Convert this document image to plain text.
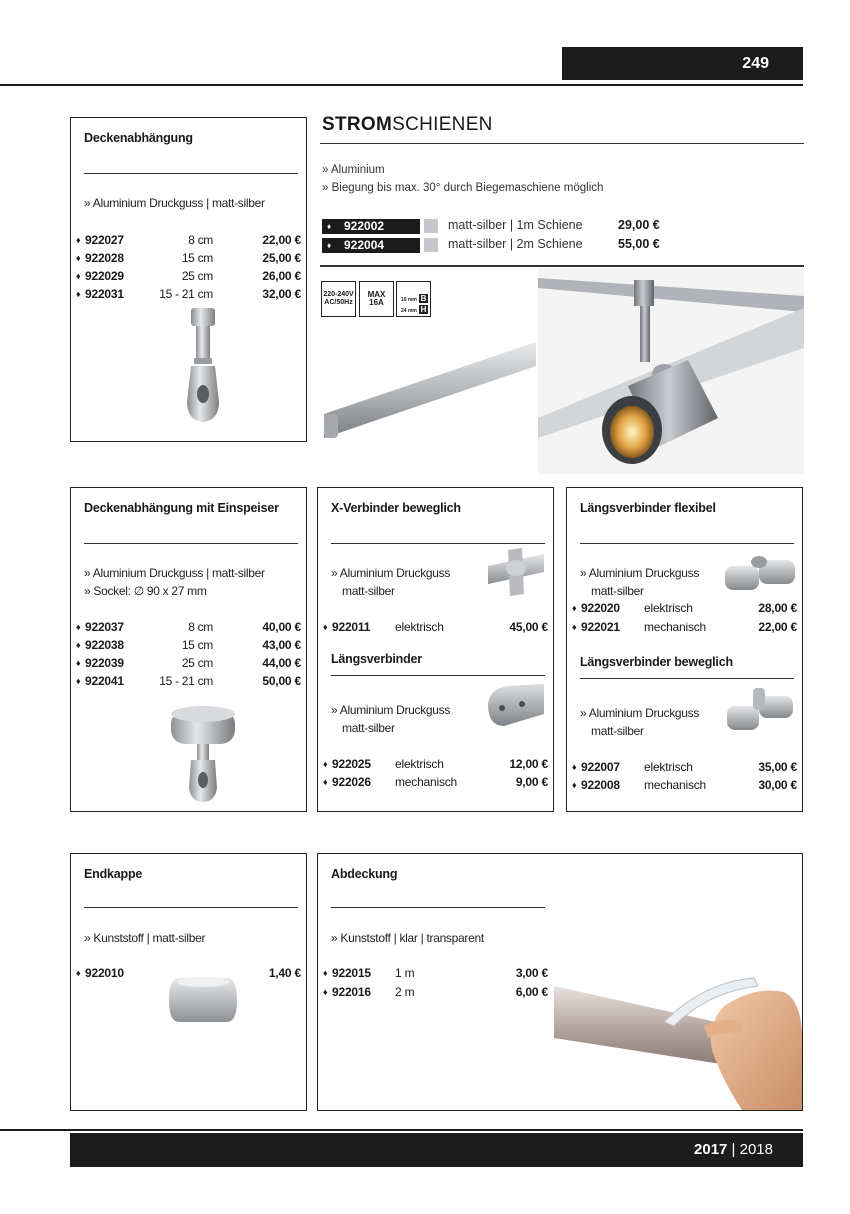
249
Deckenabhängung
» Aluminium Druckguss | matt-silber
♦ 922027	8 cm	22,00 €
♦ 922028	15 cm	25,00 €
♦ 922029	25 cm	26,00 €
♦ 922031	15 - 21 cm	32,00 €
STROMSCHIENEN
» Aluminium
» Biegung bis max. 30° durch Biegemaschiene möglich
♦ 922002	matt-silber | 1m Schiene	29,00 €
♦ 922004	matt-silber | 2m Schiene	55,00 €
220-240V AC/50Hz
MAX
16A	10 mm B
24 mm H
Deckenabhängung mit Einspeiser
» Aluminium Druckguss | matt-silber
» Sockel: ∅ 90 x 27 mm
♦ 922037	8 cm	40,00 €
♦ 922038	15 cm	43,00 €
♦ 922039	25 cm	44,00 €
♦ 922041	15 - 21 cm	50,00 €
X-Verbinder beweglich
» Aluminium Druckguss
matt-silber
♦ 922011 elektrisch	45,00 €
Längsverbinder
» Aluminium Druckguss
matt-silber
♦ 922025 elektrisch	12,00 €
♦ 922026 mechanisch	9,00 €
Längsverbinder flexibel
» Aluminium Druckguss
matt-silber
♦ 922020 elektrisch	28,00 €
♦ 922021 mechanisch	22,00 €
Längsverbinder beweglich
» Aluminium Druckguss
matt-silber
♦ 922007 elektrisch	35,00 €
♦ 922008 mechanisch	30,00 €
Endkappe
» Kunststoff | matt-silber
♦ 922010	1,40 €
Abdeckung
» Kunststoff | klar | transparent
♦ 922015 1 m	3,00 €
♦ 922016 2 m	6,00 €
2017 | 2018
